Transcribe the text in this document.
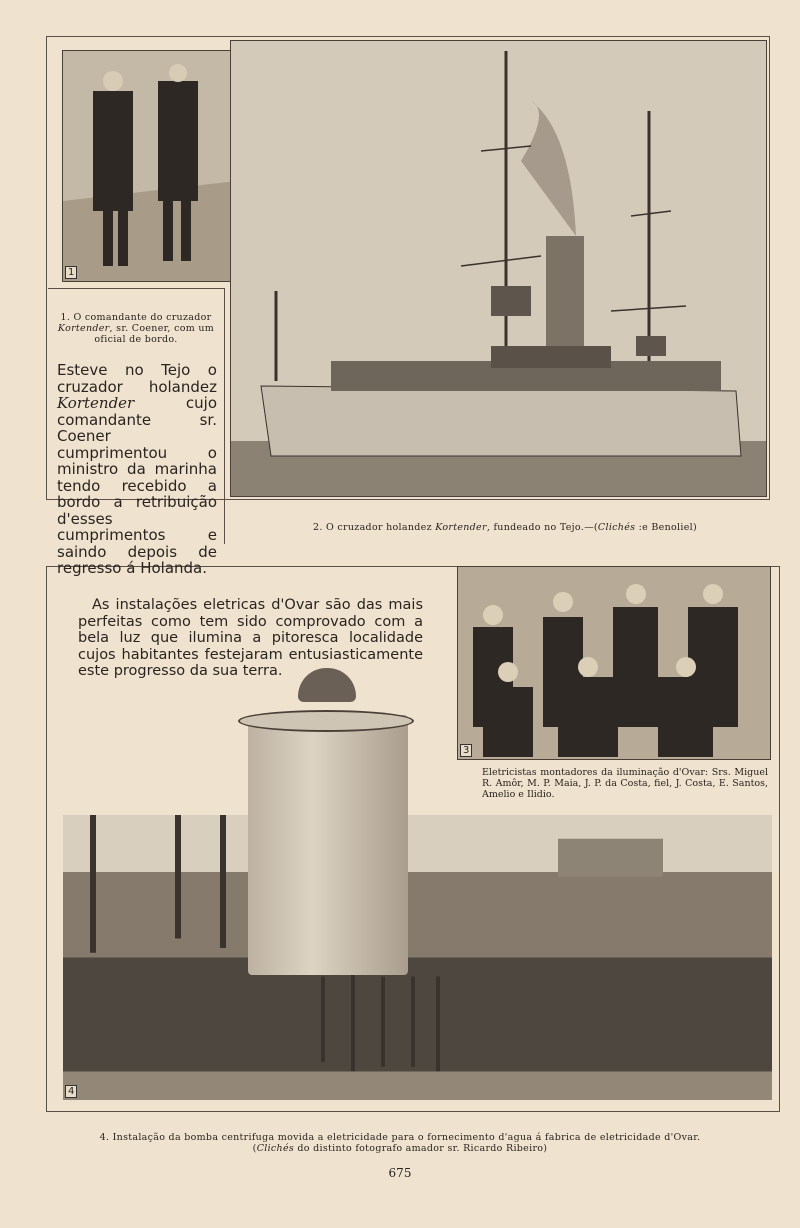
1
1. O comandante do cruzador Kortender, sr. Coener, com um oficial de bordo.
Esteve no Tejo o cruzador holandez Kortender cujo comandante sr. Coener cumprimentou o ministro da marinha tendo recebido a bordo a retribuição d'esses cumprimentos e saindo depois de regresso á Holanda.
2. O cruzador holandez Kortender, fundeado no Tejo.—(Clichés :e Benoliel)
As instalações eletricas d'Ovar são das mais perfeitas como tem sido comprovado com a bela luz que ilumina a pitoresca localidade cujos habitantes festejaram entusiasticamente este progresso da sua terra.
3
4
Eletricistas montadores da iluminação d'Ovar: Srs. Miguel R. Amôr, M. P. Maia, J. P. da Costa, fiel, J. Costa, E. Santos, Amelio e Ilidio.
4. Instalação da bomba centrifuga movida a eletricidade para o fornecimento d'agua á fabrica de eletricidade d'Ovar.
(Clichés do distinto fotografo amador sr. Ricardo Ribeiro)
675
